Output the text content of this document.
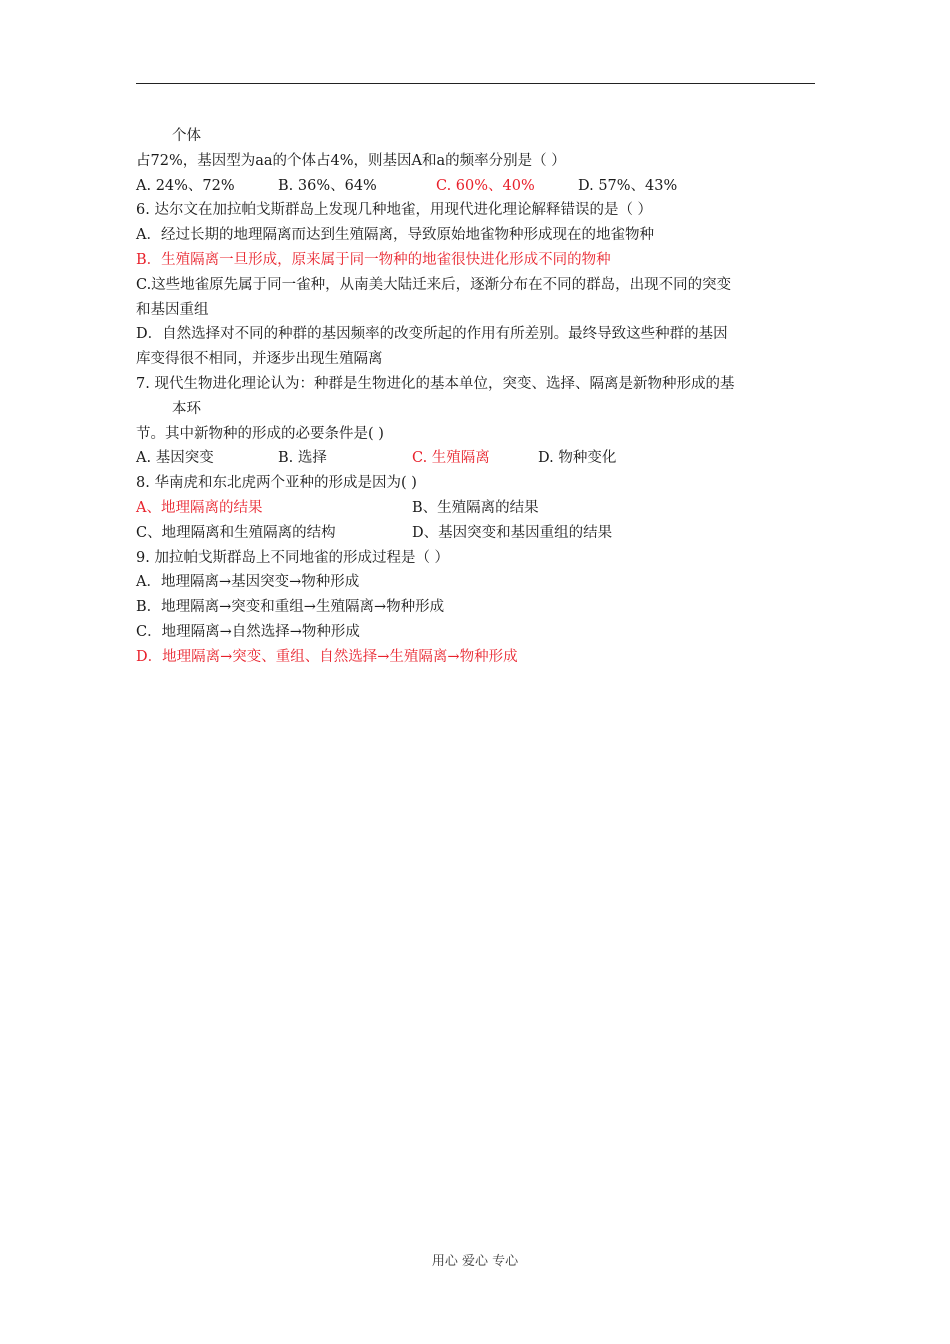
个体
占72%，基因型为aa的个体占4%，则基因A和a的频率分别是（ ）
A. 24%、72%	B. 36%、64%	C. 60%、40%	D. 57%、43%
6. 达尔文在加拉帕戈斯群岛上发现几种地雀，用现代进化理论解释错误的是（ ）
A．经过长期的地理隔离而达到生殖隔离，导致原始地雀物种形成现在的地雀物种
B．生殖隔离一旦形成，原来属于同一物种的地雀很快进化形成不同的物种
C.这些地雀原先属于同一雀种，从南美大陆迁来后，逐渐分布在不同的群岛，出现不同的突变
和基因重组
D．自然选择对不同的种群的基因频率的改变所起的作用有所差别。最终导致这些种群的基因
库变得很不相同，并逐步出现生殖隔离
7. 现代生物进化理论认为：种群是生物进化的基本单位，突变、选择、隔离是新物种形成的基
本环
节。其中新物种的形成的必要条件是( )
A. 基因突变	B. 选择	C. 生殖隔离	D. 物种变化
8. 华南虎和东北虎两个亚种的形成是因为( )
A、地理隔离的结果	B、生殖隔离的结果
C、地理隔离和生殖隔离的结构	D、基因突变和基因重组的结果
9. 加拉帕戈斯群岛上不同地雀的形成过程是（ ）
A．地理隔离→基因突变→物种形成
B．地理隔离→突变和重组→生殖隔离→物种形成
C．地理隔离→自然选择→物种形成
D．地理隔离→突变、重组、自然选择→生殖隔离→物种形成
用心 爱心 专心
